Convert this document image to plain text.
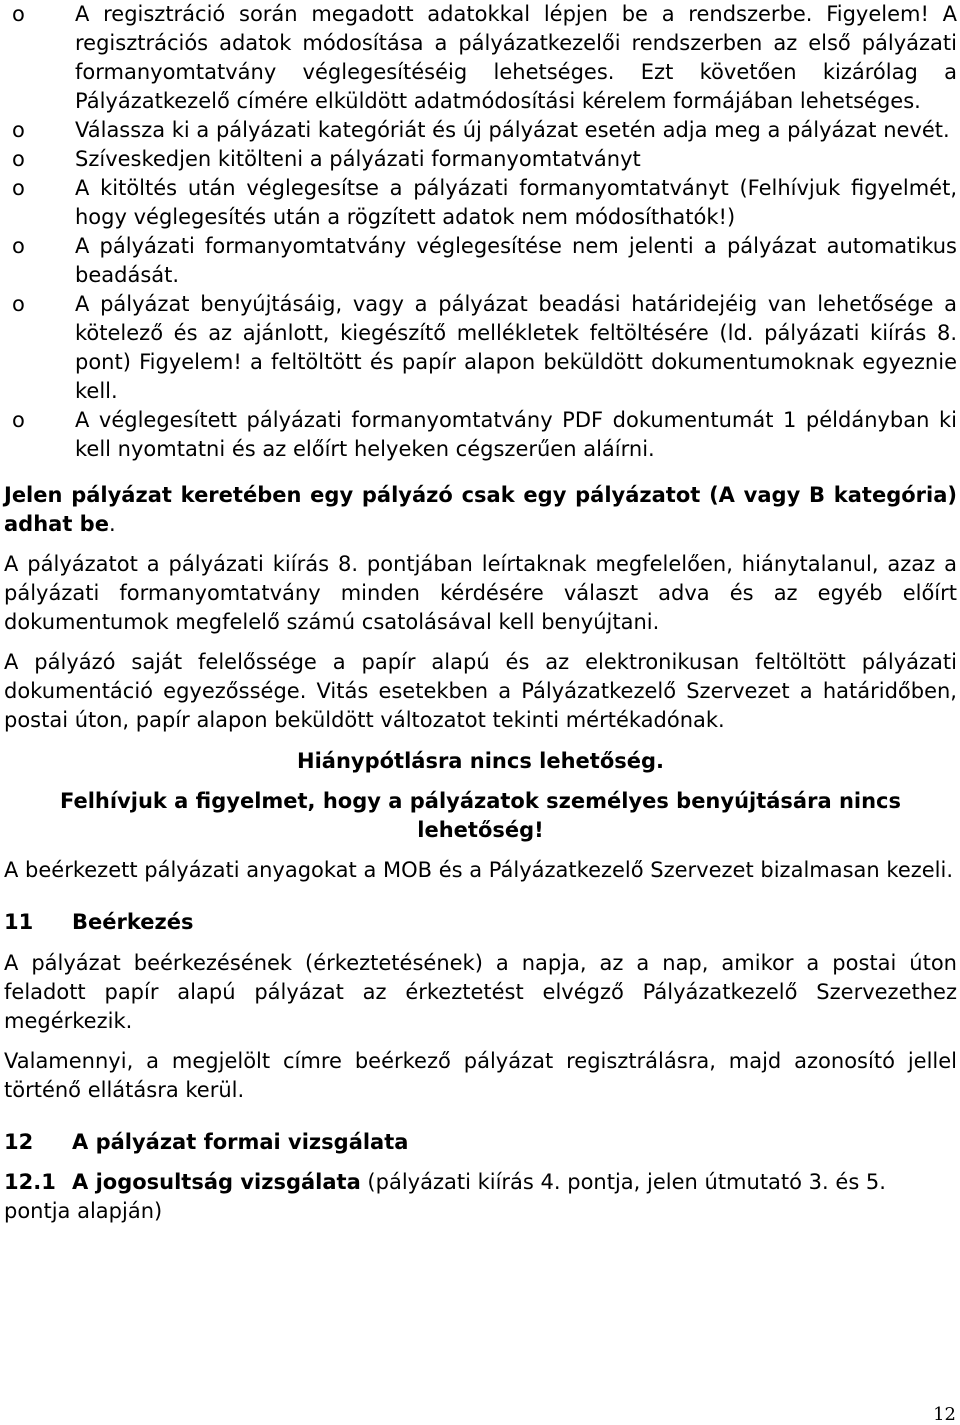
o A regisztráció során megadott adatokkal lépjen be a rendszerbe. Figyelem! A regisztrációs adatok módosítása a pályázatkezelői rendszerben az első pályázati formanyomtatvány véglegesítéséig lehetséges. Ezt követően kizárólag a Pályázatkezelő címére elküldött adatmódosítási kérelem formájában lehetséges.
o Válassza ki a pályázati kategóriát és új pályázat esetén adja meg a pályázat nevét.
o Szíveskedjen kitölteni a pályázati formanyomtatványt
o A kitöltés után véglegesítse a pályázati formanyomtatványt (Felhívjuk figyelmét, hogy véglegesítés után a rögzített adatok nem módosíthatók!)
o A pályázati formanyomtatvány véglegesítése nem jelenti a pályázat automatikus beadását.
o A pályázat benyújtásáig, vagy a pályázat beadási határidejéig van lehetősége a kötelező és az ajánlott, kiegészítő mellékletek feltöltésére (ld. pályázati kiírás 8. pont) Figyelem! a feltöltött és papír alapon beküldött dokumentumoknak egyeznie kell.
o A véglegesített pályázati formanyomtatvány PDF dokumentumát 1 példányban ki kell nyomtatni és az előírt helyeken cégszerűen aláírni.

Jelen pályázat keretében egy pályázó csak egy pályázatot (A vagy B kategória) adhat be.

A pályázatot a pályázati kiírás 8. pontjában leírtaknak megfelelően, hiánytalanul, azaz a pályázati formanyomtatvány minden kérdésére választ adva és az egyéb előírt dokumentumok megfelelő számú csatolásával kell benyújtani.

A pályázó saját felelőssége a papír alapú és az elektronikusan feltöltött pályázati dokumentáció egyezőssége. Vitás esetekben a Pályázatkezelő Szervezet a határidőben, postai úton, papír alapon beküldött változatot tekinti mértékadónak.

Hiánypótlásra nincs lehetőség.

Felhívjuk a figyelmet, hogy a pályázatok személyes benyújtására nincs lehetőség!

A beérkezett pályázati anyagokat a MOB és a Pályázatkezelő Szervezet bizalmasan kezeli.

11 Beérkezés

A pályázat beérkezésének (érkeztetésének) a napja, az a nap, amikor a postai úton feladott papír alapú pályázat az érkeztetést elvégző Pályázatkezelő Szervezethez megérkezik.

Valamennyi, a megjelölt címre beérkező pályázat regisztrálásra, majd azonosító jellel történő ellátásra kerül.

12 A pályázat formai vizsgálata

12.1 A jogosultság vizsgálata (pályázati kiírás 4. pontja, jelen útmutató 3. és 5. pontja alapján)

12
